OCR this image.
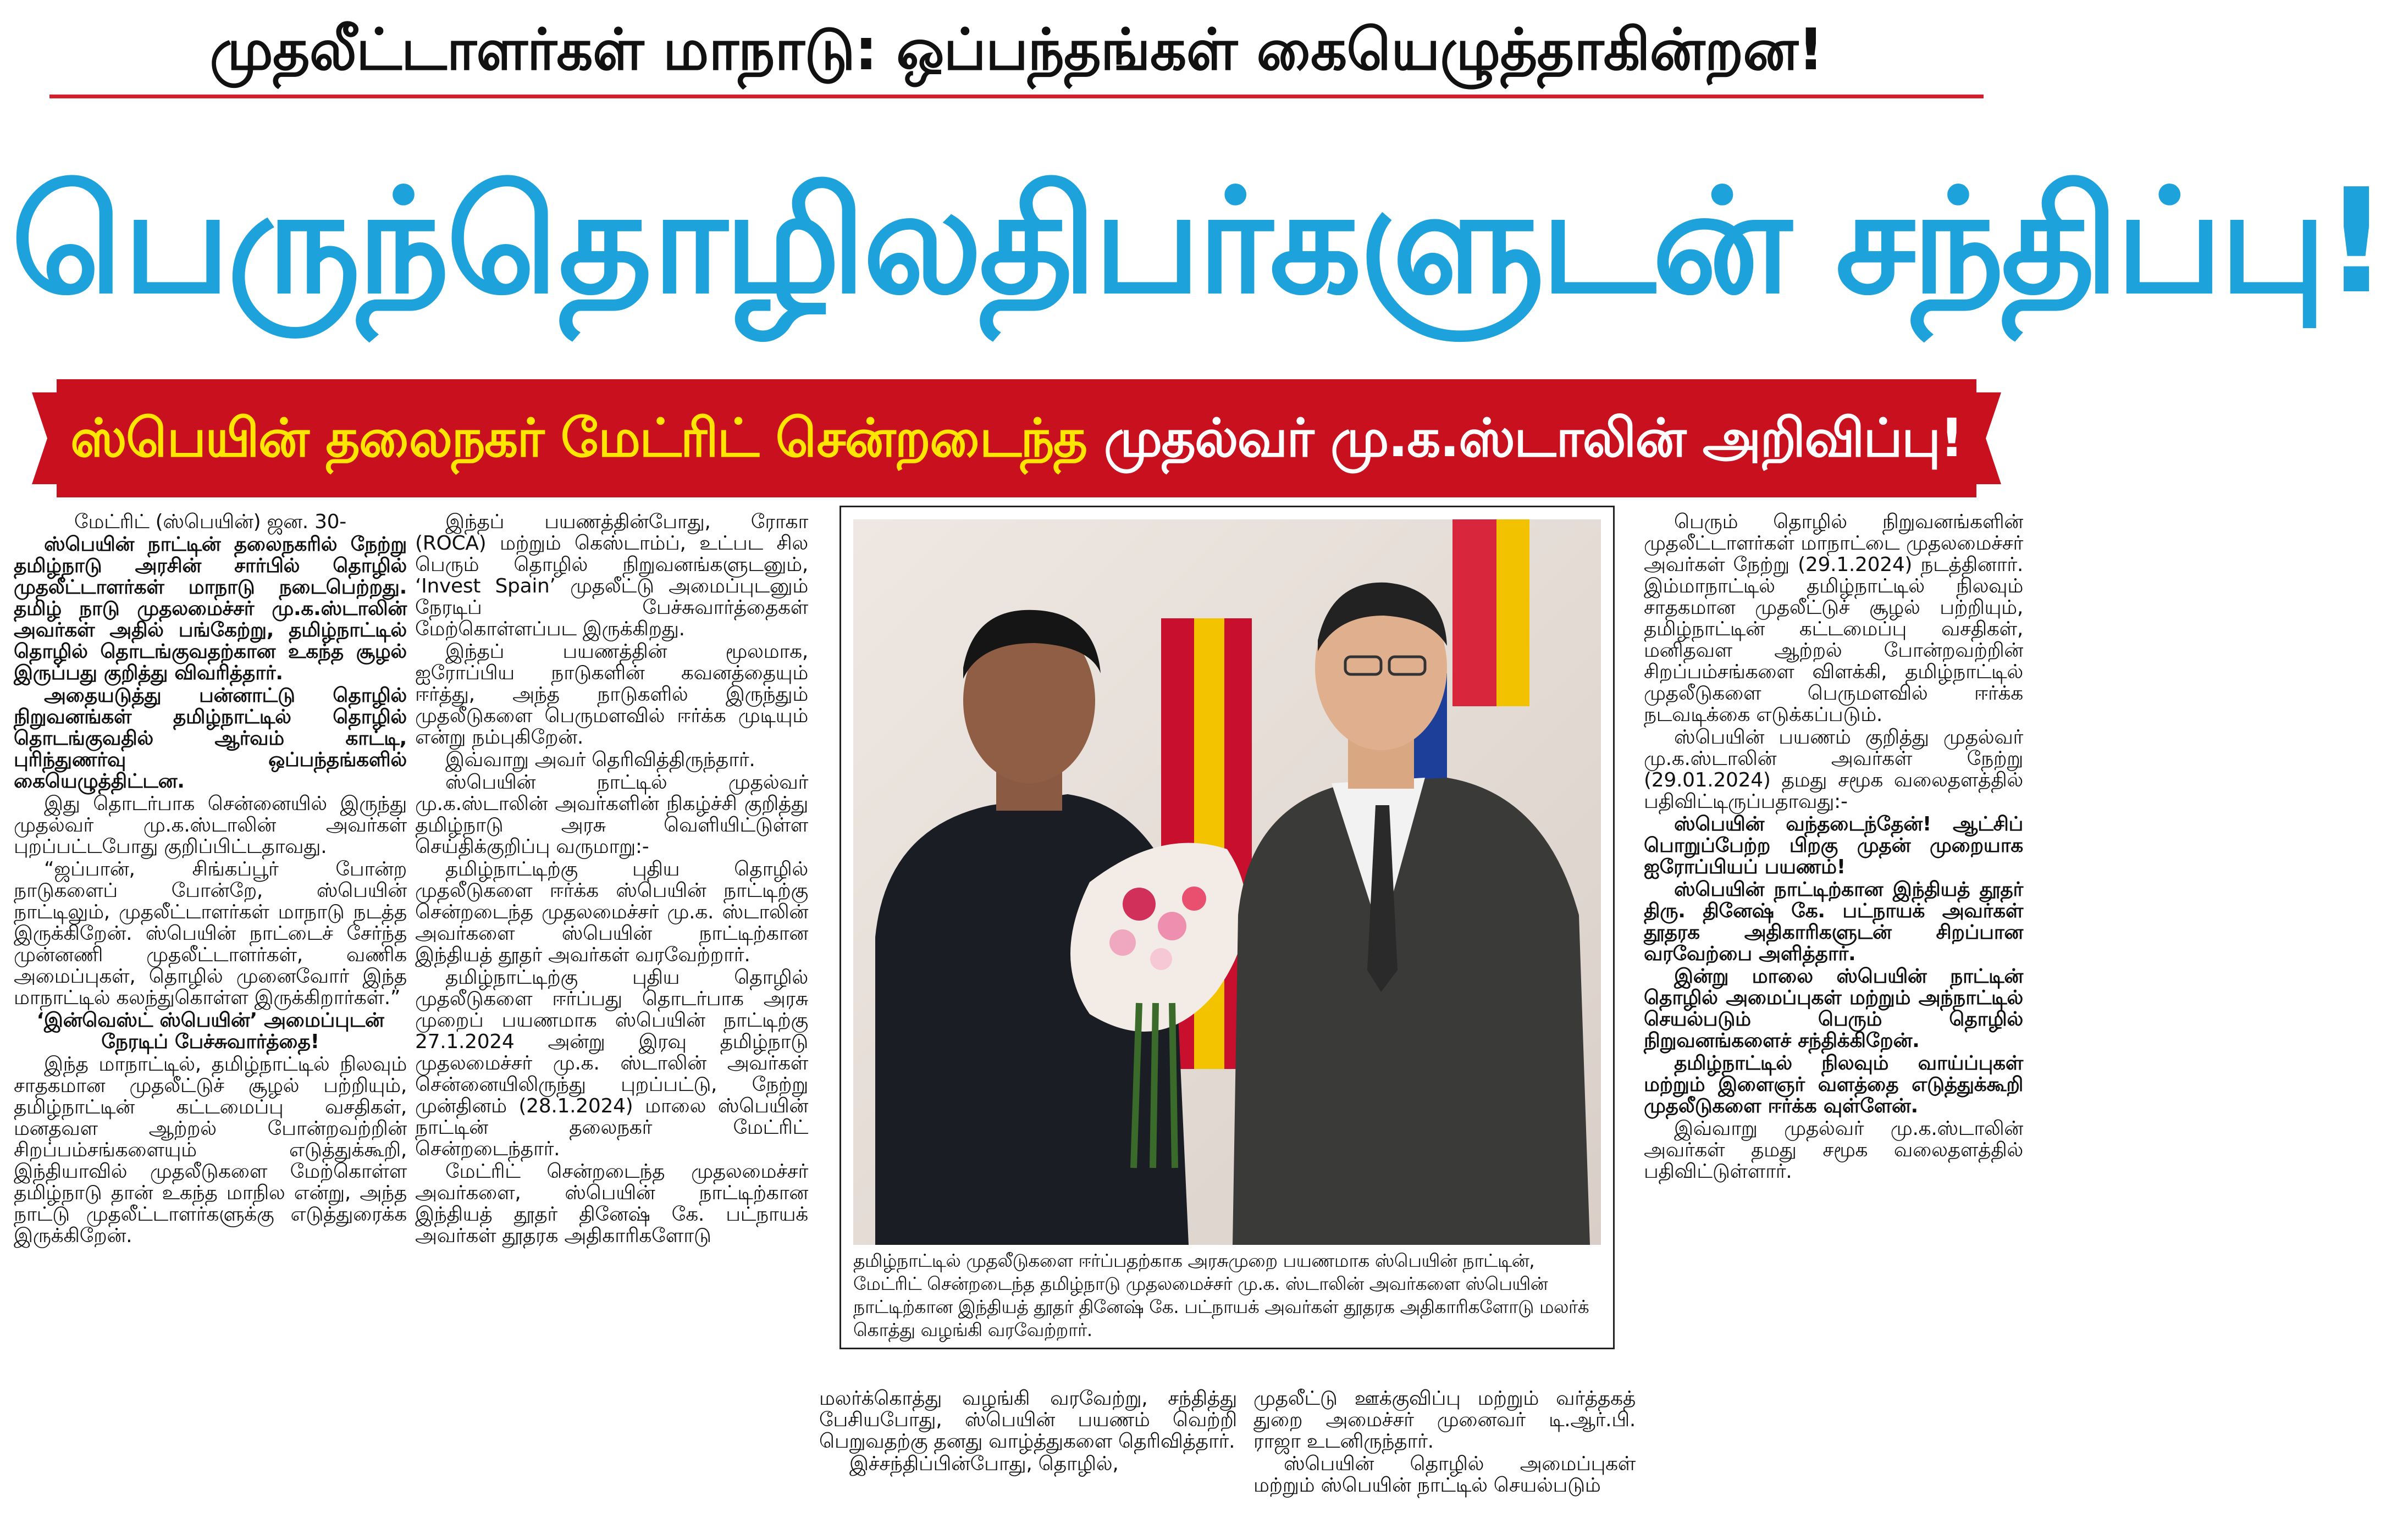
முதலீட்டாளர்கள் மாநாடு: ஒப்பந்தங்கள் கையெழுத்தாகின்றன!
பெருந்தொழிலதிபர்களுடன் சந்திப்பு!
ஸ்பெயின் தலைநகர் மேட்ரிட் சென்றடைந்த முதல்வர் மு.க.ஸ்டாலின் அறிவிப்பு!

மேட்ரிட் (ஸ்பெயின்) ஜன. 30-

ஸ்பெயின் நாட்டின் தலைநகரில் நேற்று தமிழ்நாடு அரசின் சார்பில் தொழில் முதலீட்டாளர்கள் மாநாடு நடைபெற்றது. தமிழ் நாடு முதலமைச்சர் மு.க.ஸ்டாலின் அவர்கள் அதில் பங்கேற்று, தமிழ்நாட்டில் தொழில் தொடங்குவதற்கான உகந்த சூழல் இருப்பது குறித்து விவரித்தார்.

அதையடுத்து பன்னாட்டு தொழில் நிறுவனங்கள் தமிழ்நாட்டில் தொழில் தொடங்குவதில் ஆர்வம் காட்டி, புரிந்துணர்வு ஒப்பந்தங்களில் கையெழுத்திட்டன.

இது தொடர்பாக சென்னையில் இருந்து முதல்வர் மு.க.ஸ்டாலின் அவர்கள் புறப்பட்டபோது குறிப்பிட்டதாவது.

“ஜப்பான், சிங்கப்பூர் போன்ற நாடுகளைப் போன்றே, ஸ்பெயின் நாட்டிலும், முதலீட்டாளர்கள் மாநாடு நடத்த இருக்கிறேன். ஸ்பெயின் நாட்டைச் சேர்ந்த முன்னணி முதலீட்டாளர்கள், வணிக அமைப்புகள், தொழில் முனைவோர் இந்த மாநாட்டில் கலந்துகொள்ள இருக்கிறார்கள்.”

‘இன்வெஸ்ட் ஸ்பெயின்’ அமைப்புடன் நேரடிப் பேச்சுவார்த்தை!

இந்த மாநாட்டில், தமிழ்நாட்டில் நிலவும் சாதகமான முதலீட்டுச் சூழல் பற்றியும், தமிழ்நாட்டின் கட்டமைப்பு வசதிகள், மனதவள ஆற்றல் போன்றவற்றின் சிறப்பம்சங்களையும் எடுத்துக்கூறி, இந்தியாவில் முதலீடுகளை மேற்கொள்ள தமிழ்நாடு தான் உகந்த மாநில என்று, அந்த நாட்டு முதலீட்டாளர்களுக்கு எடுத்துரைக்க இருக்கிறேன்.

இந்தப் பயணத்தின்போது, ரோகா (ROCA) மற்றும் கெஸ்டாம்ப், உட்பட சில பெரும் தொழில் நிறுவனங்களுடனும், ‘Invest Spain’ முதலீட்டு அமைப்புடனும் நேரடிப் பேச்சுவார்த்தைகள் மேற்கொள்ளப்பட இருக்கிறது.

இந்தப் பயணத்தின் மூலமாக, ஐரோப்பிய நாடுகளின் கவனத்தையும் ஈர்த்து, அந்த நாடுகளில் இருந்தும் முதலீடுகளை பெருமளவில் ஈர்க்க முடியும் என்று நம்புகிறேன்.

இவ்வாறு அவர் தெரிவித்திருந்தார்.

ஸ்பெயின் நாட்டில் முதல்வர் மு.க.ஸ்டாலின் அவர்களின் நிகழ்ச்சி குறித்து தமிழ்நாடு அரசு வெளியிட்டுள்ள செய்திக்குறிப்பு வருமாறு:-

தமிழ்நாட்டிற்கு புதிய தொழில் முதலீடுகளை ஈர்க்க ஸ்பெயின் நாட்டிற்கு சென்றடைந்த முதலமைச்சர் மு.க. ஸ்டாலின் அவர்களை ஸ்பெயின் நாட்டிற்கான இந்தியத் தூதர் அவர்கள் வரவேற்றார்.

தமிழ்நாட்டிற்கு புதிய தொழில் முதலீடுகளை ஈர்ப்பது தொடர்பாக அரசு முறைப் பயணமாக ஸ்பெயின் நாட்டிற்கு 27.1.2024 அன்று இரவு தமிழ்நாடு முதலமைச்சர் மு.க. ஸ்டாலின் அவர்கள் சென்னையிலிருந்து புறப்பட்டு, நேற்று முன்தினம் (28.1.2024) மாலை ஸ்பெயின் நாட்டின் தலைநகர் மேட்ரிட் சென்றடைந்தார்.

மேட்ரிட் சென்றடைந்த முதலமைச்சர் அவர்களை, ஸ்பெயின் நாட்டிற்கான இந்தியத் தூதர் தினேஷ் கே. பட்நாயக் அவர்கள் தூதரக அதிகாரிகளோடு

தமிழ்நாட்டில் முதலீடுகளை ஈர்ப்பதற்காக அரசுமுறை பயணமாக ஸ்பெயின் நாட்டின், மேட்ரிட் சென்றடைந்த தமிழ்நாடு முதலமைச்சர் மு.க. ஸ்டாலின் அவர்களை ஸ்பெயின் நாட்டிற்கான இந்தியத் தூதர் தினேஷ் கே. பட்நாயக் அவர்கள் தூதரக அதிகாரிகளோடு மலர்க் கொத்து வழங்கி வரவேற்றார்.

மலர்க்கொத்து வழங்கி வரவேற்று, சந்தித்து பேசியபோது, ஸ்பெயின் பயணம் வெற்றி பெறுவதற்கு தனது வாழ்த்துகளை தெரிவித்தார்.

இச்சந்திப்பின்போது, தொழில்,

முதலீட்டு ஊக்குவிப்பு மற்றும் வர்த்தகத் துறை அமைச்சர் முனைவர் டி.ஆர்.பி. ராஜா உடனிருந்தார்.

ஸ்பெயின் தொழில் அமைப்புகள் மற்றும் ஸ்பெயின் நாட்டில் செயல்படும்

பெரும் தொழில் நிறுவனங்களின் முதலீட்டாளர்கள் மாநாட்டை முதலமைச்சர் அவர்கள் நேற்று (29.1.2024) நடத்தினார். இம்மாநாட்டில் தமிழ்நாட்டில் நிலவும் சாதகமான முதலீட்டுச் சூழல் பற்றியும், தமிழ்நாட்டின் கட்டமைப்பு வசதிகள், மனிதவள ஆற்றல் போன்றவற்றின் சிறப்பம்சங்களை விளக்கி, தமிழ்நாட்டில் முதலீடுகளை பெருமளவில் ஈர்க்க நடவடிக்கை எடுக்கப்படும்.

ஸ்பெயின் பயணம் குறித்து முதல்வர் மு.க.ஸ்டாலின் அவர்கள் நேற்று (29.01.2024) தமது சமூக வலைதளத்தில் பதிவிட்டிருப்பதாவது:-

ஸ்பெயின் வந்தடைந்தேன்! ஆட்சிப் பொறுப்பேற்ற பிறகு முதன் முறையாக ஐரோப்பியப் பயணம்!

ஸ்பெயின் நாட்டிற்கான இந்தியத் தூதர் திரு. தினேஷ் கே. பட்நாயக் அவர்கள் தூதரக அதிகாரிகளுடன் சிறப்பான வரவேற்பை அளித்தார்.

இன்று மாலை ஸ்பெயின் நாட்டின் தொழில் அமைப்புகள் மற்றும் அந்நாட்டில் செயல்படும் பெரும் தொழில் நிறுவனங்களைச் சந்திக்கிறேன்.

தமிழ்நாட்டில் நிலவும் வாய்ப்புகள் மற்றும் இளைஞர் வளத்தை எடுத்துக்கூறி முதலீடுகளை ஈர்க்க வுள்ளேன்.

இவ்வாறு முதல்வர் மு.க.ஸ்டாலின் அவர்கள் தமது சமூக வலைதளத்தில் பதிவிட்டுள்ளார்.
